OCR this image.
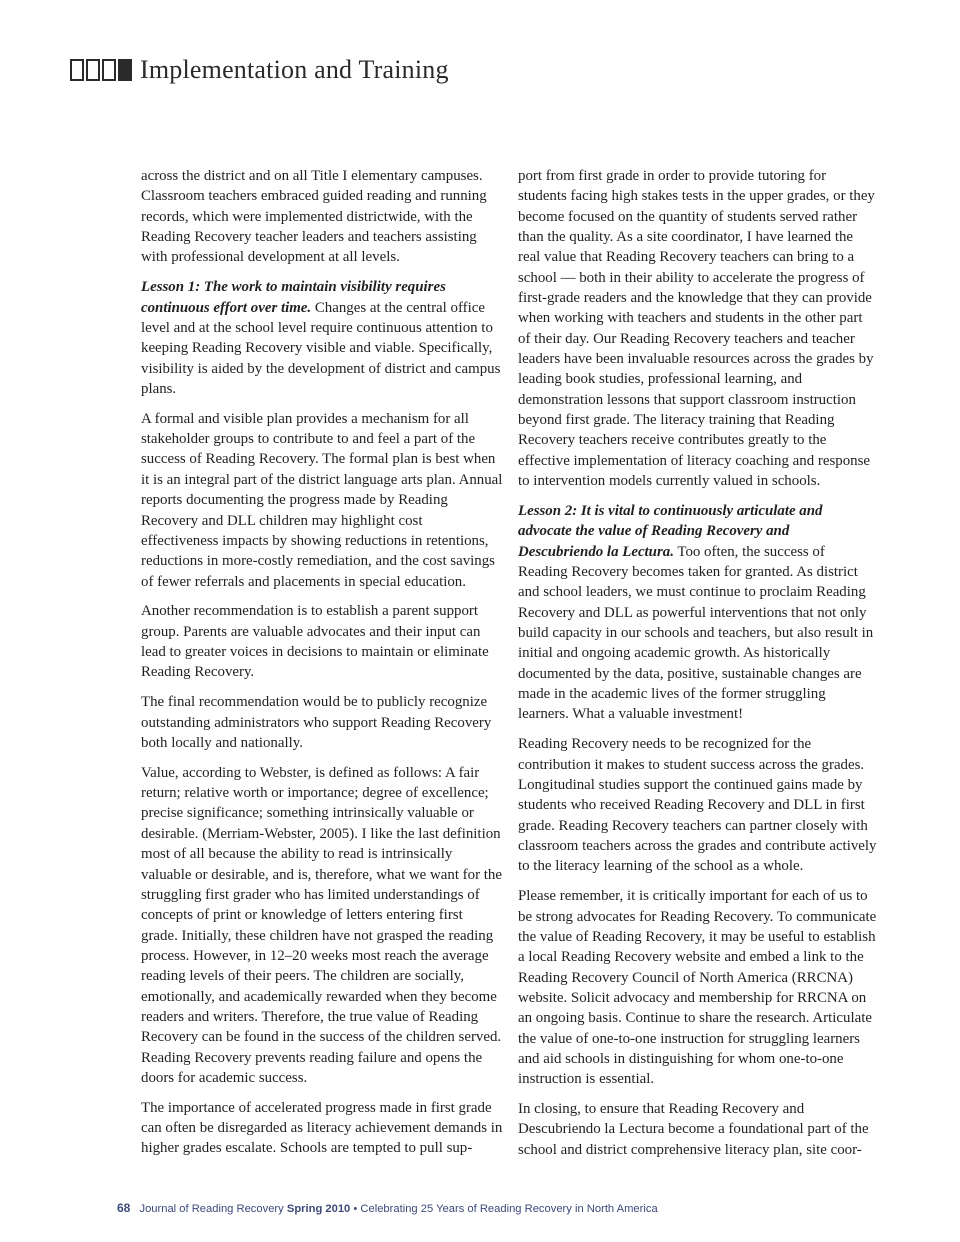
Implementation and Training

across the district and on all Title I elementary campuses. Classroom teachers embraced guided reading and running records, which were implemented districtwide, with the Reading Recovery teacher leaders and teachers assisting with professional development at all levels.

Lesson 1: The work to maintain visibility requires continuous effort over time. Changes at the central office level and at the school level require continuous attention to keeping Reading Recovery visible and viable. Specifically, visibility is aided by the development of district and campus plans.

A formal and visible plan provides a mechanism for all stakeholder groups to contribute to and feel a part of the success of Reading Recovery. The formal plan is best when it is an integral part of the district language arts plan. Annual reports documenting the progress made by Reading Recovery and DLL children may highlight cost effectiveness impacts by showing reductions in retentions, reductions in more-costly remediation, and the cost savings of fewer referrals and placements in special education.

Another recommendation is to establish a parent support group. Parents are valuable advocates and their input can lead to greater voices in decisions to maintain or eliminate Reading Recovery.

The final recommendation would be to publicly recognize outstanding administrators who support Reading Recovery both locally and nationally.

Value, according to Webster, is defined as follows: A fair return; relative worth or importance; degree of excellence; precise significance; something intrinsically valuable or desirable. (Merriam-Webster, 2005). I like the last definition most of all because the ability to read is intrinsically valuable or desirable, and is, therefore, what we want for the struggling first grader who has limited understandings of concepts of print or knowledge of letters entering first grade. Initially, these children have not grasped the reading process. However, in 12–20 weeks most reach the average reading levels of their peers. The children are socially, emotionally, and academically rewarded when they become readers and writers. Therefore, the true value of Reading Recovery can be found in the success of the children served. Reading Recovery prevents reading failure and opens the doors for academic success.

The importance of accelerated progress made in first grade can often be disregarded as literacy achievement demands in higher grades escalate. Schools are tempted to pull sup-

port from first grade in order to provide tutoring for students facing high stakes tests in the upper grades, or they become focused on the quantity of students served rather than the quality. As a site coordinator, I have learned the real value that Reading Recovery teachers can bring to a school — both in their ability to accelerate the progress of first-grade readers and the knowledge that they can provide when working with teachers and students in the other part of their day. Our Reading Recovery teachers and teacher leaders have been invaluable resources across the grades by leading book studies, professional learning, and demonstration lessons that support classroom instruction beyond first grade. The literacy training that Reading Recovery teachers receive contributes greatly to the effective implementation of literacy coaching and response to intervention models currently valued in schools.

Lesson 2: It is vital to continuously articulate and advocate the value of Reading Recovery and Descubriendo la Lectura. Too often, the success of Reading Recovery becomes taken for granted. As district and school leaders, we must continue to proclaim Reading Recovery and DLL as powerful interventions that not only build capacity in our schools and teachers, but also result in initial and ongoing academic growth. As historically documented by the data, positive, sustainable changes are made in the academic lives of the former struggling learners. What a valuable investment!

Reading Recovery needs to be recognized for the contribution it makes to student success across the grades. Longitudinal studies support the continued gains made by students who received Reading Recovery and DLL in first grade. Reading Recovery teachers can partner closely with classroom teachers across the grades and contribute actively to the literacy learning of the school as a whole.

Please remember, it is critically important for each of us to be strong advocates for Reading Recovery. To communicate the value of Reading Recovery, it may be useful to establish a local Reading Recovery website and embed a link to the Reading Recovery Council of North America (RRCNA) website. Solicit advocacy and membership for RRCNA on an ongoing basis. Continue to share the research. Articulate the value of one-to-one instruction for struggling learners and aid schools in distinguishing for whom one-to-one instruction is essential.

In closing, to ensure that Reading Recovery and Descubriendo la Lectura become a foundational part of the school and district comprehensive literacy plan, site coor-

68 Journal of Reading Recovery Spring 2010 • Celebrating 25 Years of Reading Recovery in North America
